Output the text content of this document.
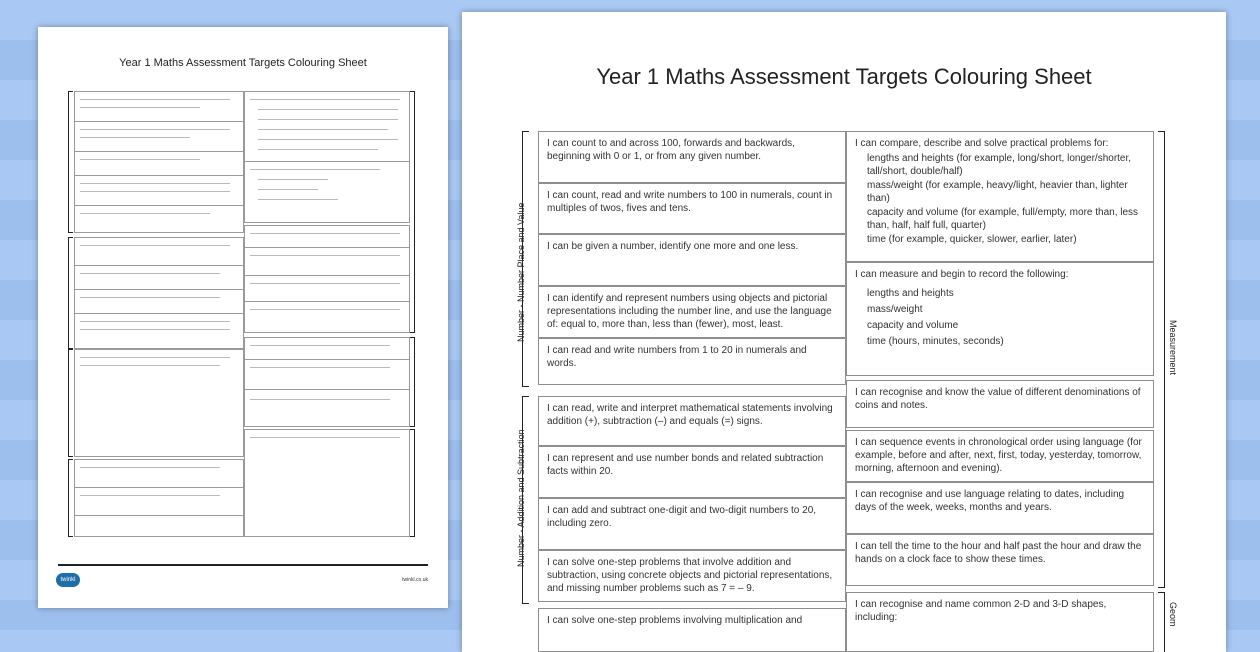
Year 1 Maths Assessment Targets Colouring Sheet
twinkl	twinkl.co.uk
Year 1 Maths Assessment Targets Colouring Sheet
Number - Number Place and Value
Number - Addition and Subtraction

I can count to and across 100, forwards and backwards, beginning with 0 or 1, or from any given number.

I can count, read and write numbers to 100 in numerals, count in multiples of twos, fives and tens.

I can be given a number, identify one more and one less.

I can identify and represent numbers using objects and pictorial representations including the number line, and use the language of: equal to, more than, less than (fewer), most, least.

I can read and write numbers from 1 to 20 in numerals and words.

I can read, write and interpret mathematical statements involving addition (+), subtraction (–) and equals (=) signs.

I can represent and use number bonds and related subtraction facts within 20.

I can add and subtract one-digit and two-digit numbers to 20, including zero.

I can solve one-step problems that involve addition and subtraction, using concrete objects and pictorial representations, and missing number problems such as 7 = – 9.

I can solve one-step problems involving multiplication and

I can compare, describe and solve practical problems for:

lengths and heights (for example, long/short, longer/shorter, tall/short, double/half)
mass/weight (for example, heavy/light, heavier than, lighter than)
capacity and volume (for example, full/empty, more than, less than, half, half full, quarter)
time (for example, quicker, slower, earlier, later)

I can measure and begin to record the following:

lengths and heights
mass/weight
capacity and volume
time (hours, minutes, seconds)

I can recognise and know the value of different denominations of coins and notes.

I can sequence events in chronological order using language (for example, before and after, next, first, today, yesterday, tomorrow, morning, afternoon and evening).

I can recognise and use language relating to dates, including days of the week, weeks, months and years.

I can tell the time to the hour and half past the hour and draw the hands on a clock face to show these times.

I can recognise and name common 2-D and 3-D shapes, including:

Measurement
Geom
